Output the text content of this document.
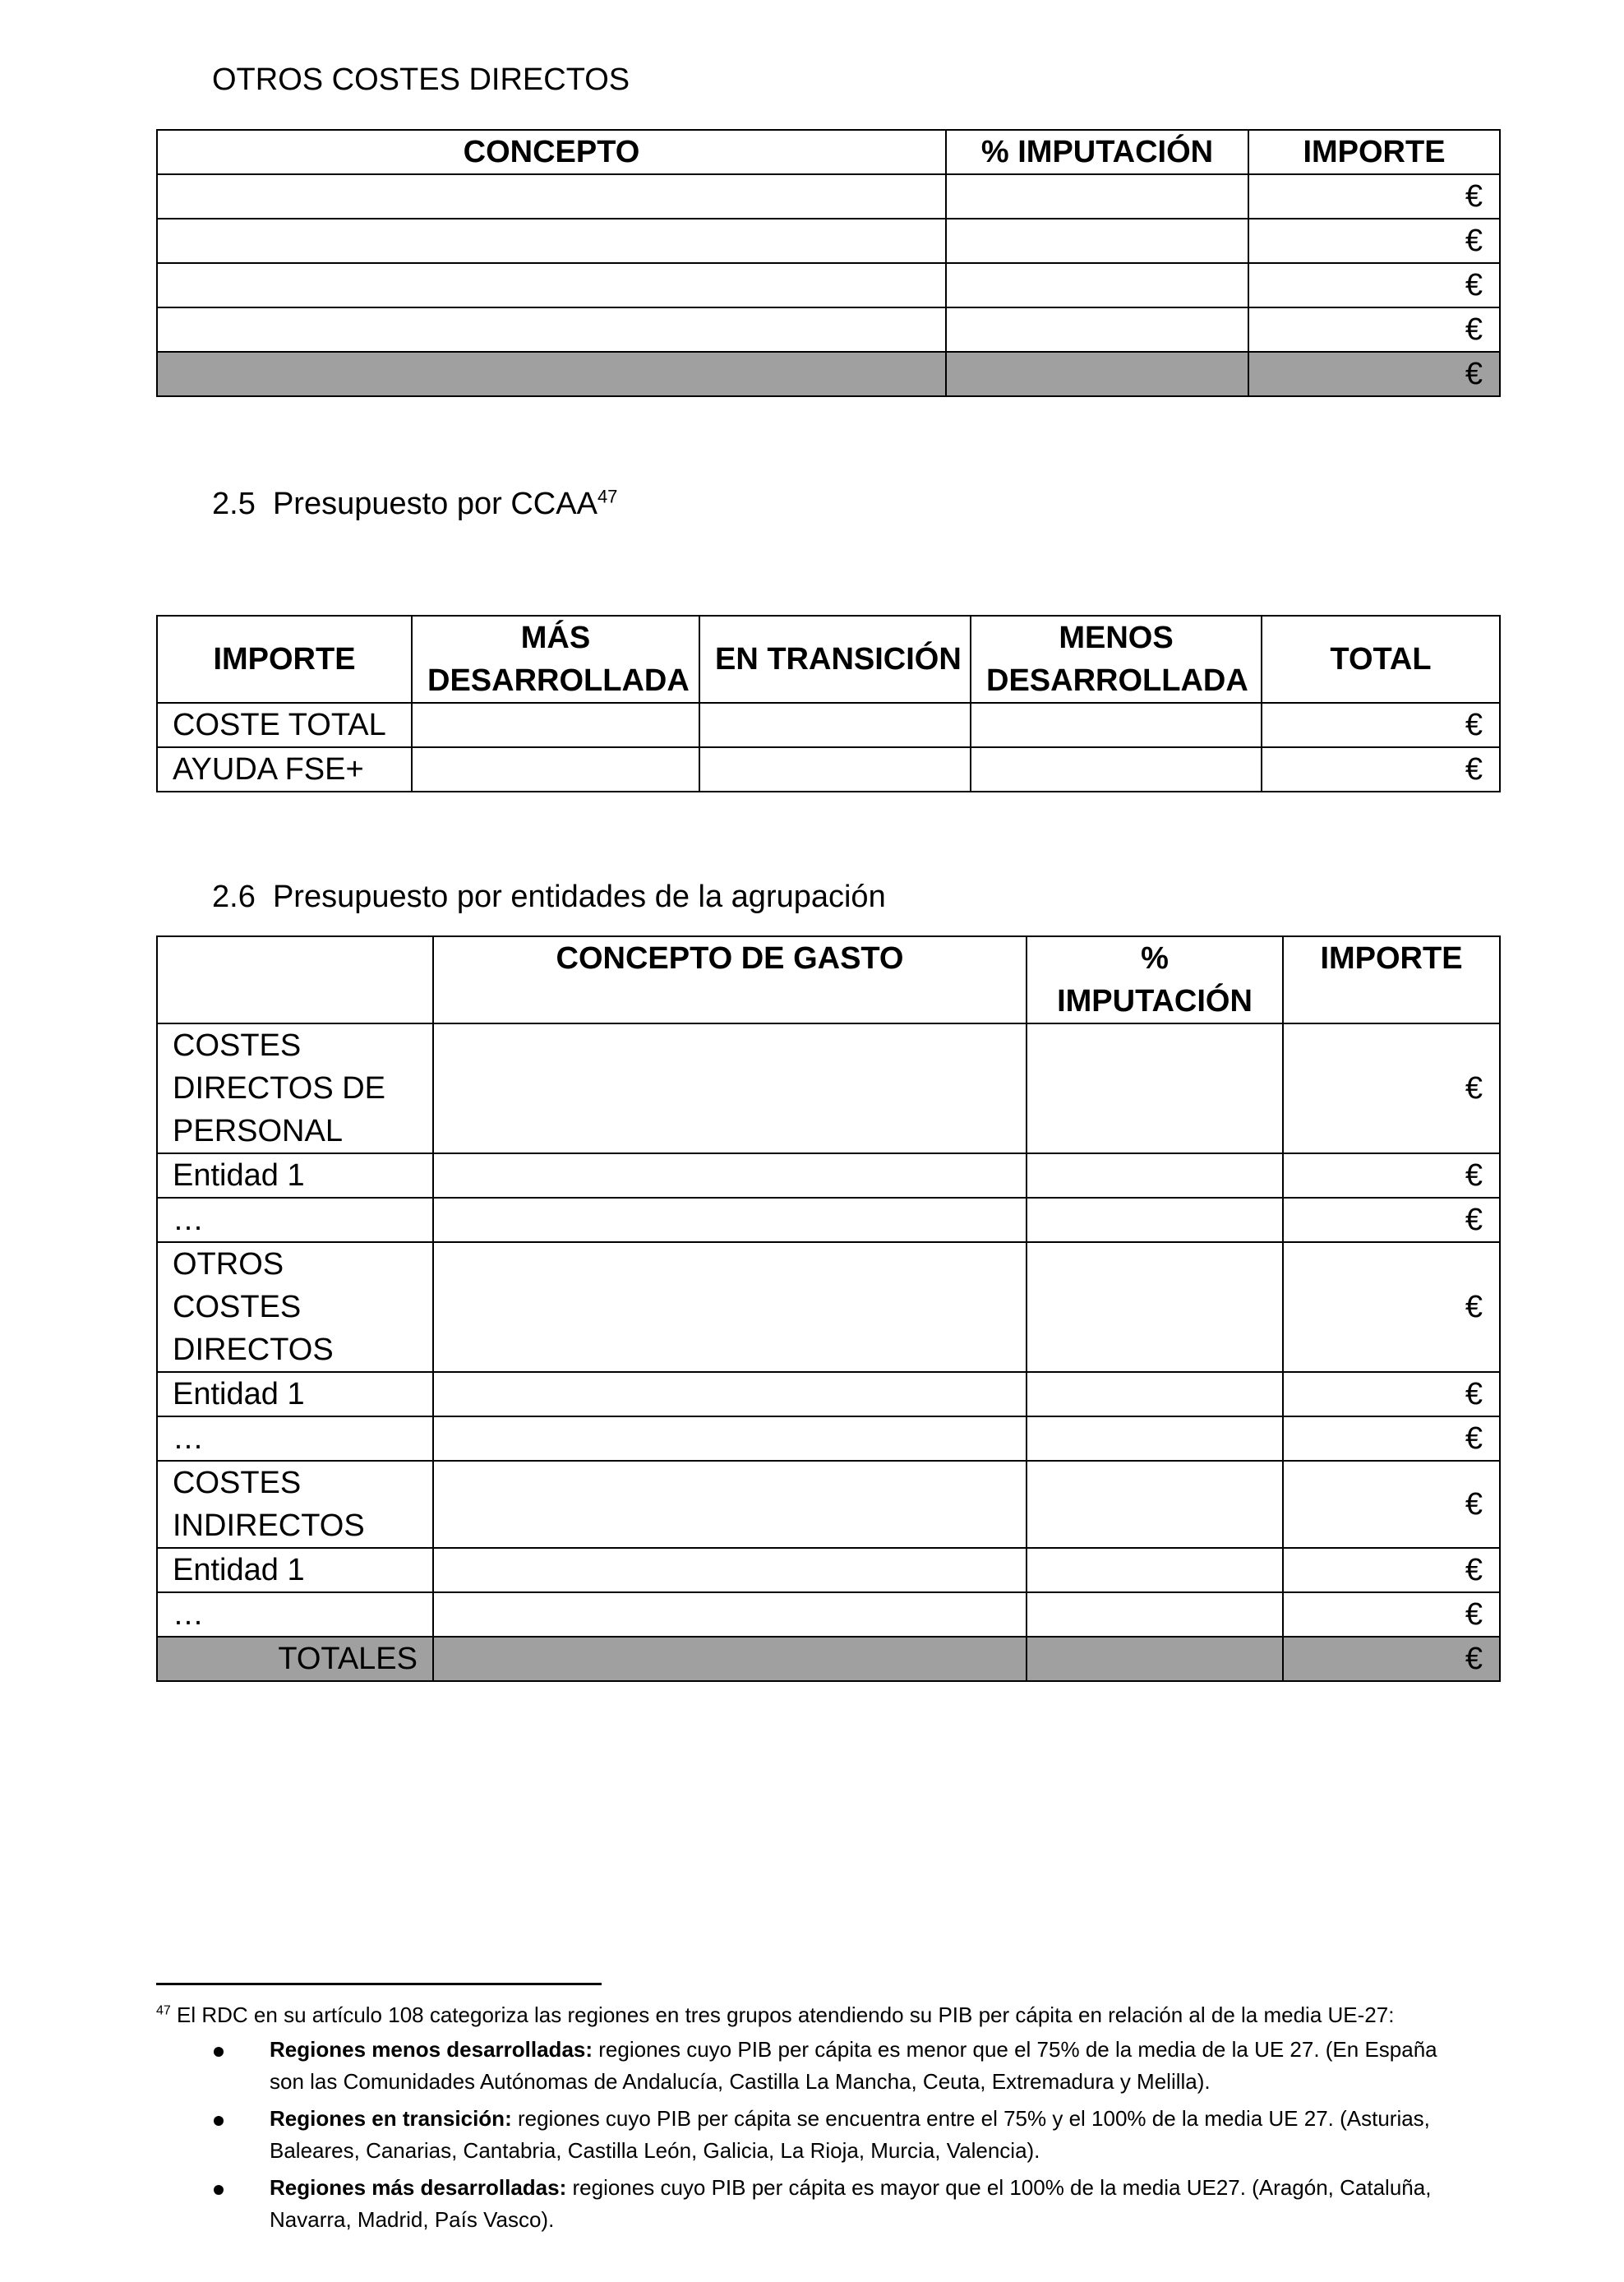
OTROS COSTES DIRECTOS
CONCEPTO	% IMPUTACIÓN	IMPORTE
		€
		€
		€
		€
		€
2.5 Presupuesto por CCAA$^{47}$
IMPORTE	MÁS DESARROLLADA	EN TRANSICIÓN	MENOS DESARROLLADA	TOTAL
COSTE TOTAL				€
AYUDA FSE+				€
2.6 Presupuesto por entidades de la agrupación
	CONCEPTO DE GASTO	% IMPUTACIÓN	IMPORTE
COSTES DIRECTOS DE PERSONAL			€
Entidad 1			€
…			€
OTROS COSTES DIRECTOS			€
Entidad 1			€
…			€
COSTES INDIRECTOS			€
Entidad 1			€
…			€
TOTALES			€
$^{47}$ El RDC en su artículo 108 categoriza las regiones en tres grupos atendiendo su PIB per cápita en relación al de la media UE-27:
Regiones menos desarrolladas: regiones cuyo PIB per cápita es menor que el 75% de la media de la UE 27. (En España
son las Comunidades Autónomas de Andalucía, Castilla La Mancha, Ceuta, Extremadura y Melilla).
Regiones en transición: regiones cuyo PIB per cápita se encuentra entre el 75% y el 100% de la media UE 27. (Asturias,
Baleares, Canarias, Cantabria, Castilla León, Galicia, La Rioja, Murcia, Valencia).
Regiones más desarrolladas: regiones cuyo PIB per cápita es mayor que el 100% de la media UE27. (Aragón, Cataluña,
Navarra, Madrid, País Vasco).
